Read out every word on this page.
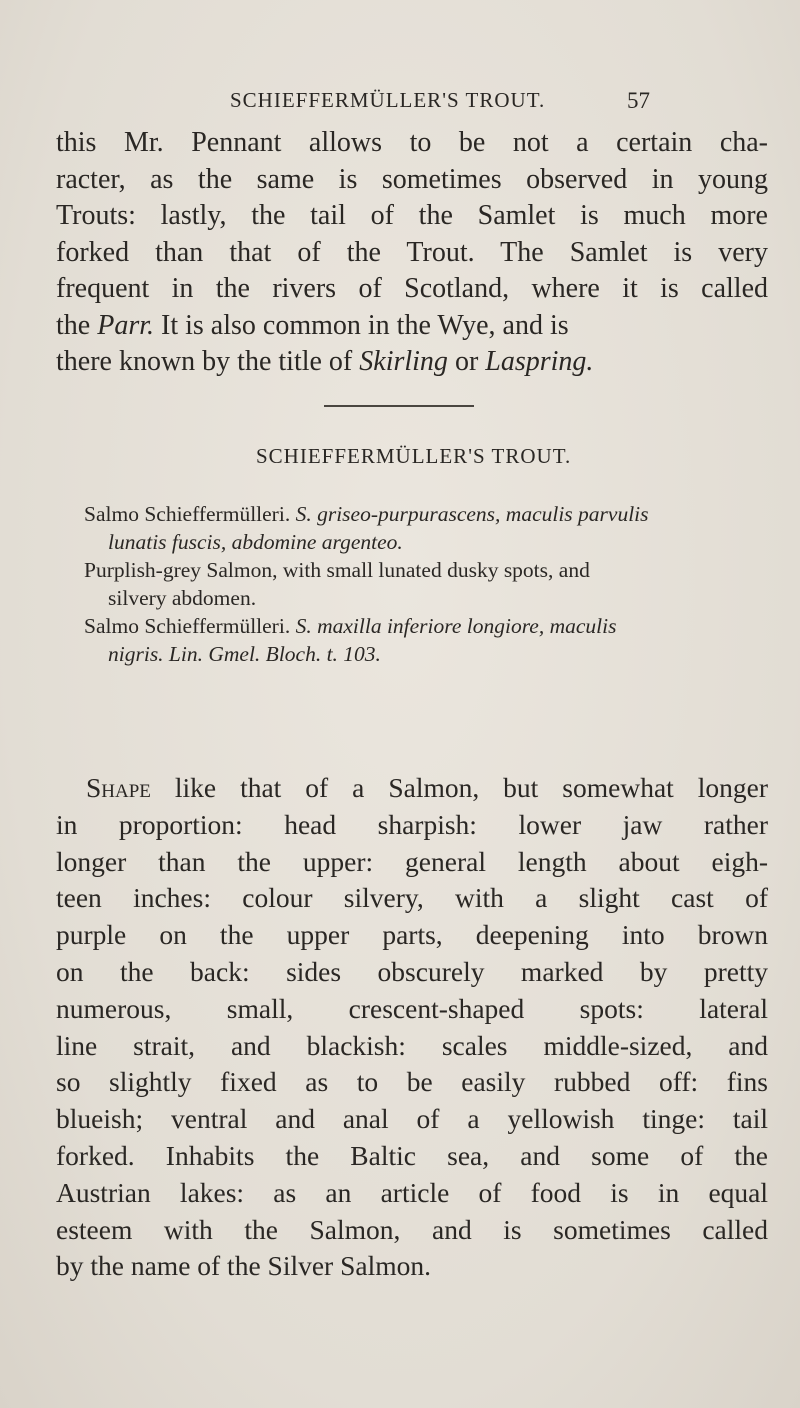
SCHIEFFERMÜLLER'S TROUT.	57
this Mr. Pennant allows to be not a certain cha-
racter, as the same is sometimes observed in young
Trouts: lastly, the tail of the Samlet is much more
forked than that of the Trout. The Samlet is very
frequent in the rivers of Scotland, where it is called
the Parr. It is also common in the Wye, and is
there known by the title of Skirling or Laspring.
SCHIEFFERMÜLLER'S TROUT.
Salmo Schieffermülleri. S. griseo-purpurascens, maculis parvulis
lunatis fuscis, abdomine argenteo.
Purplish-grey Salmon, with small lunated dusky spots, and
silvery abdomen.
Salmo Schieffermülleri. S. maxilla inferiore longiore, maculis
nigris. Lin. Gmel. Bloch. t. 103.
Shape like that of a Salmon, but somewhat longer
in proportion: head sharpish: lower jaw rather
longer than the upper: general length about eigh-
teen inches: colour silvery, with a slight cast of
purple on the upper parts, deepening into brown
on the back: sides obscurely marked by pretty
numerous, small, crescent-shaped spots: lateral
line strait, and blackish: scales middle-sized, and
so slightly fixed as to be easily rubbed off: fins
blueish; ventral and anal of a yellowish tinge: tail
forked. Inhabits the Baltic sea, and some of the
Austrian lakes: as an article of food is in equal
esteem with the Salmon, and is sometimes called
by the name of the Silver Salmon.
